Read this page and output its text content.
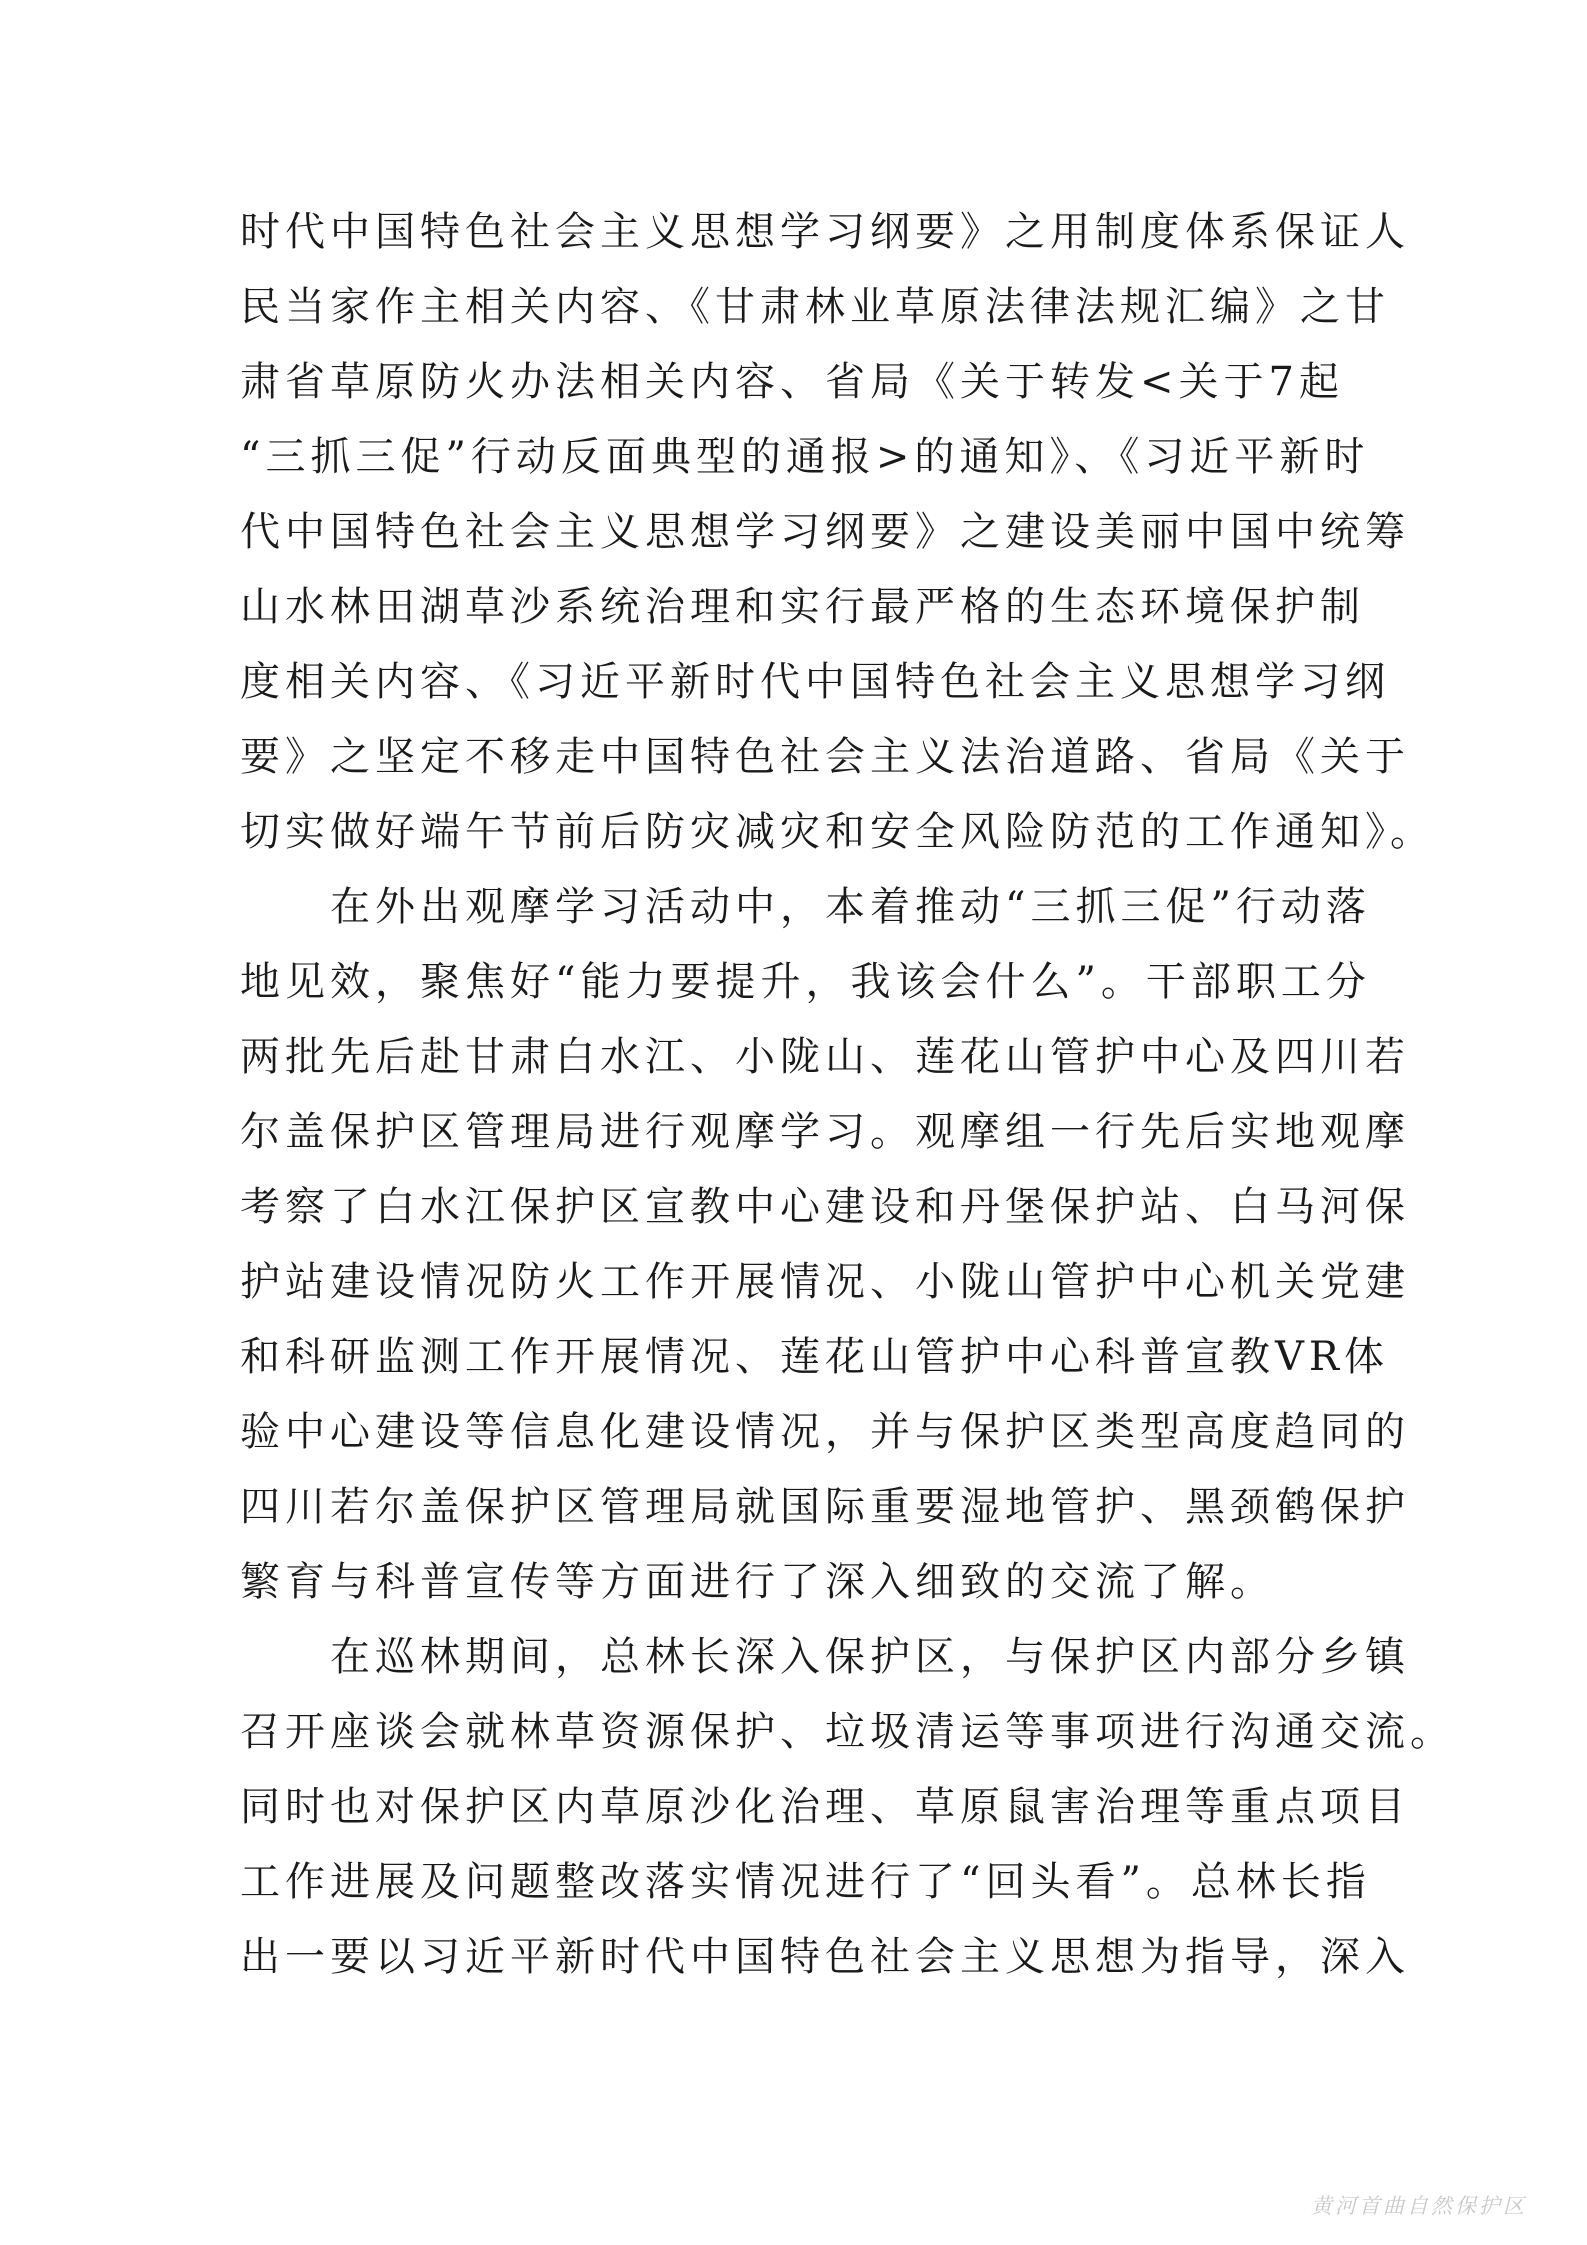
时代中国特色社会主义思想学习纲要》之用制度体系保证人
民当家作主相关内容、《甘肃林业草原法律法规汇编》之甘
肃省草原防火办法相关内容、省局《关于转发<关于7起
“三抓三促”行动反面典型的通报>的通知》、《习近平新时
代中国特色社会主义思想学习纲要》之建设美丽中国中统筹
山水林田湖草沙系统治理和实行最严格的生态环境保护制
度相关内容、《习近平新时代中国特色社会主义思想学习纲
要》之坚定不移走中国特色社会主义法治道路、省局《关于
切实做好端午节前后防灾减灾和安全风险防范的工作通知》。
在外出观摩学习活动中，本着推动“三抓三促”行动落
地见效，聚焦好“能力要提升，我该会什么”。干部职工分
两批先后赴甘肃白水江、小陇山、莲花山管护中心及四川若
尔盖保护区管理局进行观摩学习。观摩组一行先后实地观摩
考察了白水江保护区宣教中心建设和丹堡保护站、白马河保
护站建设情况防火工作开展情况、小陇山管护中心机关党建
和科研监测工作开展情况、莲花山管护中心科普宣教VR体
验中心建设等信息化建设情况，并与保护区类型高度趋同的
四川若尔盖保护区管理局就国际重要湿地管护、黑颈鹤保护
繁育与科普宣传等方面进行了深入细致的交流了解。
在巡林期间，总林长深入保护区，与保护区内部分乡镇
召开座谈会就林草资源保护、垃圾清运等事项进行沟通交流。
同时也对保护区内草原沙化治理、草原鼠害治理等重点项目
工作进展及问题整改落实情况进行了“回头看”。总林长指
出一要以习近平新时代中国特色社会主义思想为指导，深入
黄河首曲自然保护区
